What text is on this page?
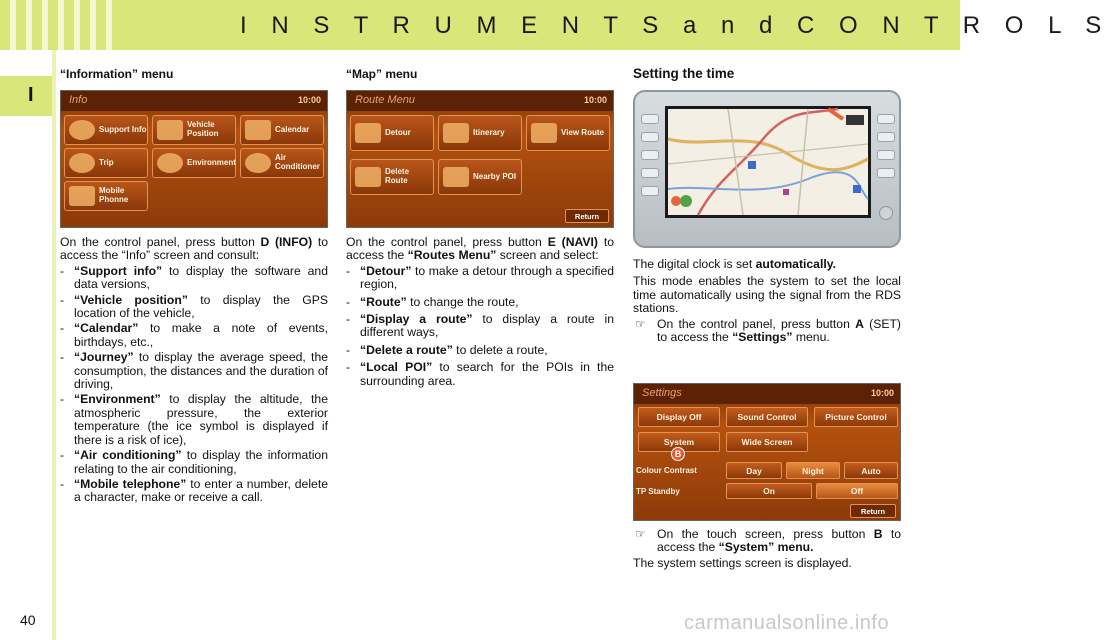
I N S T R U M E N T S a n d C O N T R O L S
I
“Information” menu
Info	10:00
Support Info	Vehicle Position	Calendar
Trip	Environment	Air Conditioner
Mobile Phonne

On the control panel, press button D (INFO) to access the “Info” screen and consult:

- “Support info” to display the software and data versions,
- “Vehicle position” to display the GPS location of the vehicle,
- “Calendar” to make a note of events, birthdays, etc.,
- “Journey” to display the average speed, the consumption, the distances and the duration of driving,
- “Environment” to display the altitude, the atmospheric pressure, the exterior temperature (the ice symbol is displayed if there is a risk of ice),
- “Air conditioning” to display the information relating to the air conditioning,
- “Mobile telephone” to enter a number, delete a character, make or receive a call.
“Map” menu
Route Menu	10:00
Detour	Itinerary	View Route
Delete Route	Nearby POI
Return

On the control panel, press button E (NAVI) to access the “Routes Menu” screen and select:

- “Detour” to make a detour through a specified region,
- “Route” to change the route,
- “Display a route” to display a route in different ways,
- “Delete a route” to delete a route,
- “Local POI” to search for the POIs in the surrounding area.
Setting the time

The digital clock is set automatically.

This mode enables the system to set the local time automatically using the signal from the RDS stations.

☞ On the control panel, press button A (SET) to access the “Settings” menu.
Settings	10:00
Display Off	Sound Control	Picture Control
System	Wide Screen
Colour Contrast
TP Standby
Day	Night	Auto
On	Off
Return
B
☞ On the touch screen, press button B to access the “System” menu.

The system settings screen is displayed.

40	carmanualsonline.info
